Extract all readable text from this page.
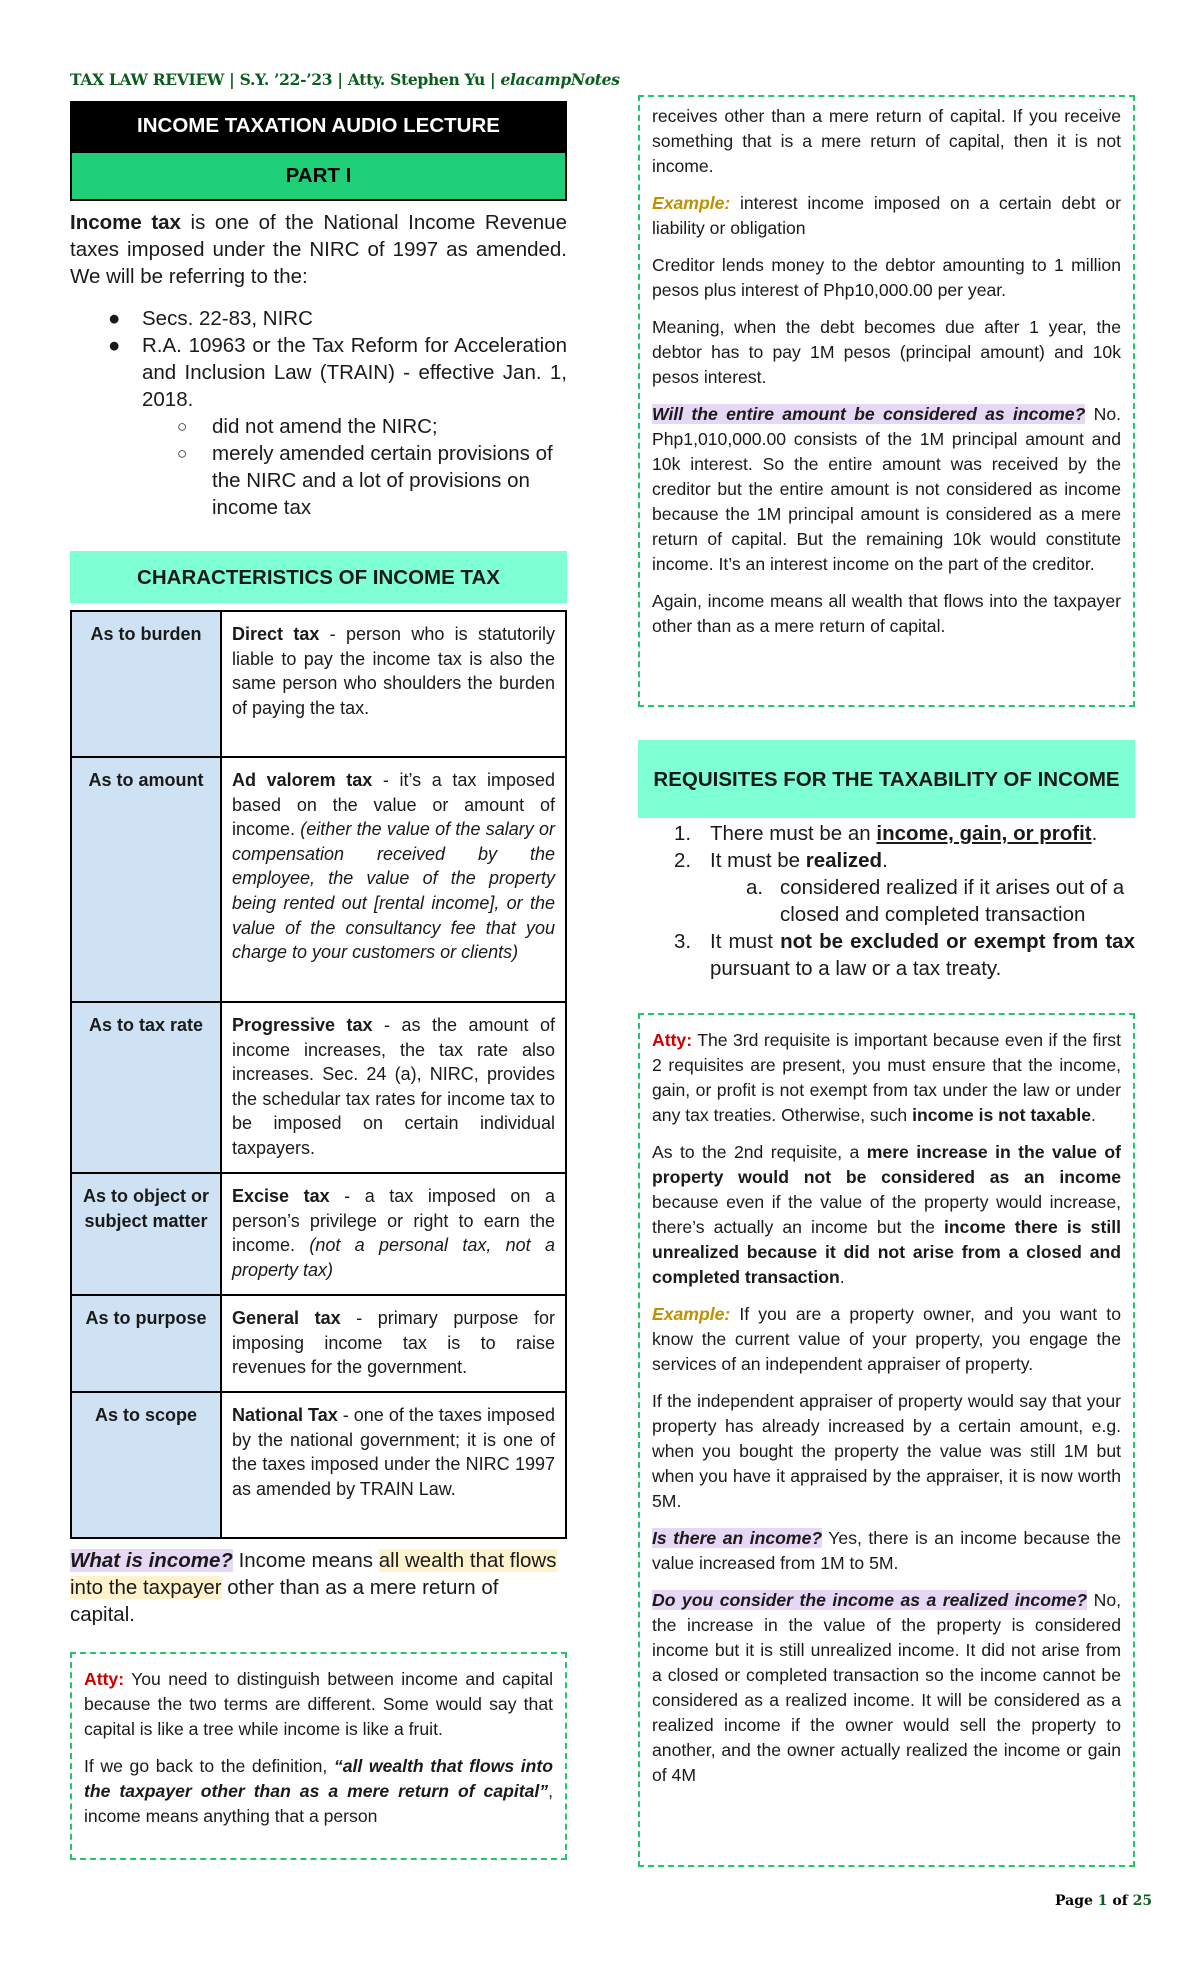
TAX LAW REVIEW | S.Y. ’22-’23 | Atty. Stephen Yu | elacampNotes
INCOME TAXATION AUDIO LECTURE
PART I

Income tax is one of the National Income Revenue taxes imposed under the NIRC of 1997 as amended. We will be referring to the:

● Secs. 22-83, NIRC
● R.A. 10963 or the Tax Reform for Acceleration and Inclusion Law (TRAIN) - effective Jan. 1, 2018.
○ did not amend the NIRC;
○ merely amended certain provisions of the NIRC and a lot of provisions on income tax
CHARACTERISTICS OF INCOME TAX
As to burden	Direct tax - person who is statutorily liable to pay the income tax is also the same person who shoulders the burden of paying the tax.
As to amount	Ad valorem tax - it’s a tax imposed based on the value or amount of income. (either the value of the salary or compensation received by the employee, the value of the property being rented out [rental income], or the value of the consultancy fee that you charge to your customers or clients)
As to tax rate	Progressive tax - as the amount of income increases, the tax rate also increases. Sec. 24 (a), NIRC, provides the schedular tax rates for income tax to be imposed on certain individual taxpayers.
As to object or subject matter	Excise tax - a tax imposed on a person’s privilege or right to earn the income. (not a personal tax, not a property tax)
As to purpose	General tax - primary purpose for imposing income tax is to raise revenues for the government.
As to scope	National Tax - one of the taxes imposed by the national government; it is one of the taxes imposed under the NIRC 1997 as amended by TRAIN Law.

What is income? Income means all wealth that flows into the taxpayer other than as a mere return of capital.

Atty: You need to distinguish between income and capital because the two terms are different. Some would say that capital is like a tree while income is like a fruit.

If we go back to the definition, “all wealth that flows into the taxpayer other than as a mere return of capital”, income means anything that a person

receives other than a mere return of capital. If you receive something that is a mere return of capital, then it is not income.

Example: interest income imposed on a certain debt or liability or obligation

Creditor lends money to the debtor amounting to 1 million pesos plus interest of Php10,000.00 per year.

Meaning, when the debt becomes due after 1 year, the debtor has to pay 1M pesos (principal amount) and 10k pesos interest.

Will the entire amount be considered as income? No. Php1,010,000.00 consists of the 1M principal amount and 10k interest. So the entire amount was received by the creditor but the entire amount is not considered as income because the 1M principal amount is considered as a mere return of capital. But the remaining 10k would constitute income. It’s an interest income on the part of the creditor.

Again, income means all wealth that flows into the taxpayer other than as a mere return of capital.

REQUISITES FOR THE TAXABILITY OF INCOME
1. There must be an income, gain, or profit.
2. It must be realized.
a. considered realized if it arises out of a closed and completed transaction
3. It must not be excluded or exempt from tax pursuant to a law or a tax treaty.

Atty: The 3rd requisite is important because even if the first 2 requisites are present, you must ensure that the income, gain, or profit is not exempt from tax under the law or under any tax treaties. Otherwise, such income is not taxable.

As to the 2nd requisite, a mere increase in the value of property would not be considered as an income because even if the value of the property would increase, there’s actually an income but the income there is still unrealized because it did not arise from a closed and completed transaction.

Example: If you are a property owner, and you want to know the current value of your property, you engage the services of an independent appraiser of property.

If the independent appraiser of property would say that your property has already increased by a certain amount, e.g. when you bought the property the value was still 1M but when you have it appraised by the appraiser, it is now worth 5M.

Is there an income? Yes, there is an income because the value increased from 1M to 5M.

Do you consider the income as a realized income? No, the increase in the value of the property is considered income but it is still unrealized income. It did not arise from a closed or completed transaction so the income cannot be considered as a realized income. It will be considered as a realized income if the owner would sell the property to another, and the owner actually realized the income or gain of 4M

Page 1 of 25
